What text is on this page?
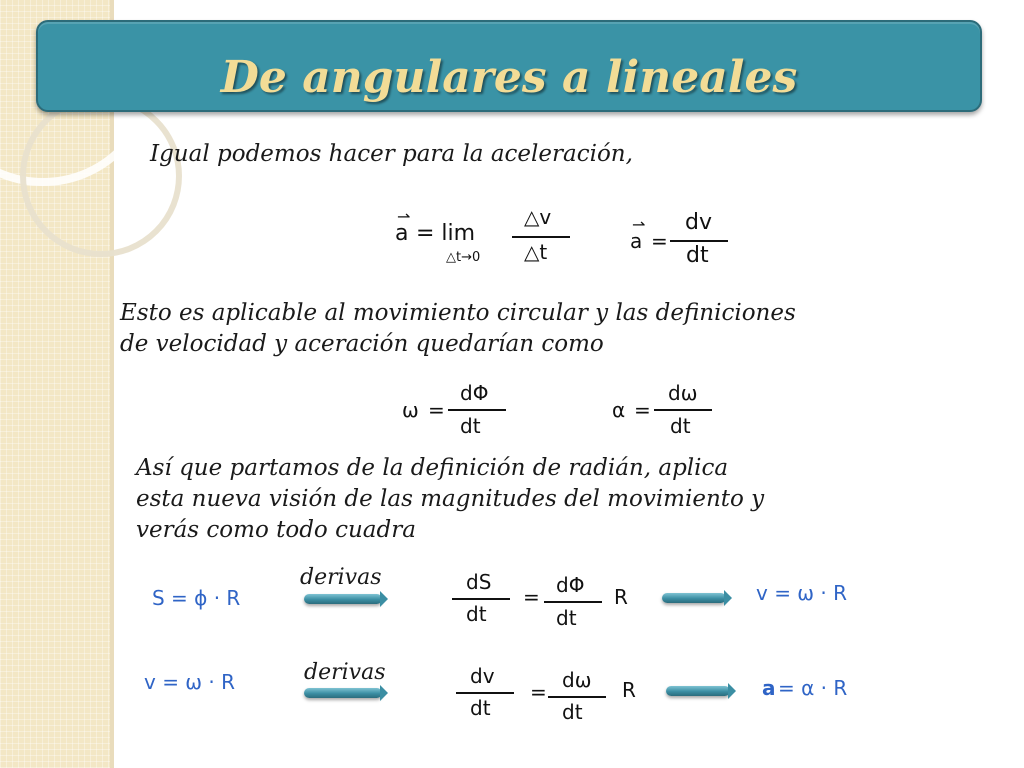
De angulares a lineales

Igual podemos hacer para la aceleración,

⇀ a = lim
△t→0
△v
△t
⇀	a =
dv
dt

Esto es aplicable al movimiento circular y las definiciones

de velocidad y aceración quedarían como

ω =
dΦ
dt
α =
dω
dt

Así que partamos de la definición de radián, aplica

esta nueva visión de las magnitudes del movimiento y

verás como todo cuadra

S = ϕ · R
derivas	dS
dt
= dΦ
dt
R	v = ω · R
v = ω · R	derivas	dv
dt
= dω
dt
R	a = α · R
